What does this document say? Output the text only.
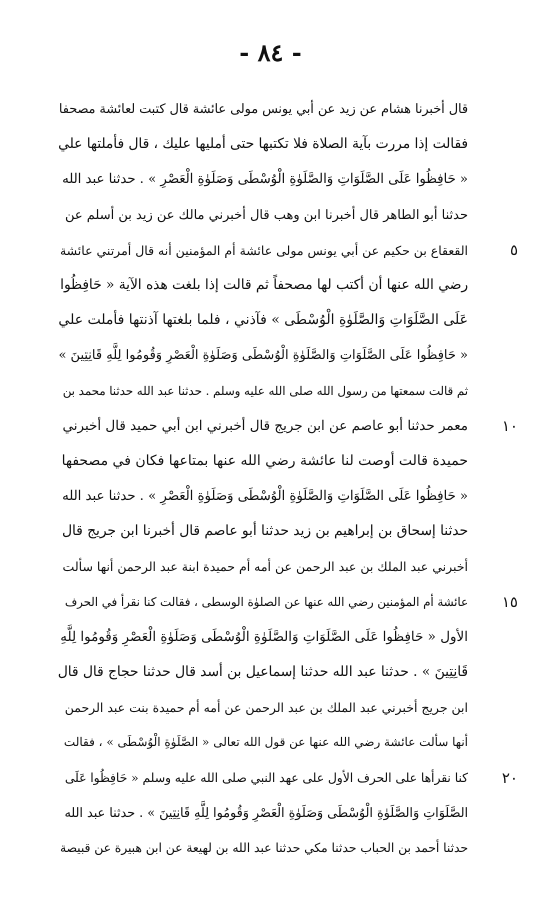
- ٨٤ -
قال أخبرنا هشام عن زيد عن أبي يونس مولى عائشة قال كتبت لعائشة مصحفا
فقالت إذا مررت بآية الصلاة فلا تكتبها حتى أمليها عليك ، قال فأملتها علي
« حَافِظُوا عَلَى الصَّلَوَاتِ وَالصَّلَوٰةِ الْوُسْطَى وَصَلَوٰةِ الْعَصْرِ » . حدثنا عبد الله
حدثنا أبو الطاهر قال أخبرنا ابن وهب قال أخبرني مالك عن زيد بن أسلم عن
القعقاع بن حكيم عن أبي يونس مولى عائشة أم المؤمنين أنه قال أمرتني عائشة
رضي الله عنها أن أكتب لها مصحفاً ثم قالت إذا بلغت هذه الآية « حَافِظُوا
عَلَى الصَّلَوَاتِ وَالصَّلَوٰةِ الْوُسْطَى » فآذني ، فلما بلغتها آذنتها فأملت علي
« حَافِظُوا عَلَى الصَّلَوَاتِ وَالصَّلَوٰةِ الْوُسْطَى وَصَلَوٰةِ الْعَصْرِ وَقُومُوا لِلَّهِ قَانِتِينَ »
ثم قالت سمعتها من رسول الله صلى الله عليه وسلم . حدثنا عبد الله حدثنا محمد بن
معمر حدثنا أبو عاصم عن ابن جريج قال أخبرني ابن أبي حميد قال أخبرني
حميدة قالت أوصت لنا عائشة رضي الله عنها بمتاعها فكان في مصحفها
« حَافِظُوا عَلَى الصَّلَوَاتِ وَالصَّلَوٰةِ الْوُسْطَى وَصَلَوٰةِ الْعَصْرِ » . حدثنا عبد الله
حدثنا إسحاق بن إبراهيم بن زيد حدثنا أبو عاصم قال أخبرنا ابن جريج قال
أخبرني عبد الملك بن عبد الرحمن عن أمه أم حميدة ابنة عبد الرحمن أنها سألت
عائشة أم المؤمنين رضي الله عنها عن الصلوٰة الوسطى ، فقالت كنا نقرأ في الحرف
الأول « حَافِظُوا عَلَى الصَّلَوَاتِ وَالصَّلَوٰةِ الْوُسْطَى وَصَلَوٰةِ الْعَصْرِ وَقُومُوا لِلَّهِ
قَانِتِينَ » . حدثنا عبد الله حدثنا إسماعيل بن أسد قال حدثنا حجاج قال قال
ابن جريج أخبرني عبد الملك بن عبد الرحمن عن أمه أم حميدة بنت عبد الرحمن
أنها سألت عائشة رضي الله عنها عن قول الله تعالى « الصَّلَوٰةِ الْوُسْطَى » ، فقالت
كنا نقرأها على الحرف الأول على عهد النبي صلى الله عليه وسلم « حَافِظُوا عَلَى
الصَّلَوَاتِ وَالصَّلَوٰةِ الْوُسْطَى وَصَلَوٰةِ الْعَصْرِ وَقُومُوا لِلَّهِ قَانِتِينَ » . حدثنا عبد الله
حدثنا أحمد بن الحباب حدثنا مكي حدثنا عبد الله بن لهيعة عن ابن هبيرة عن قبيصة
٥
١٠
١٥
٢٠
